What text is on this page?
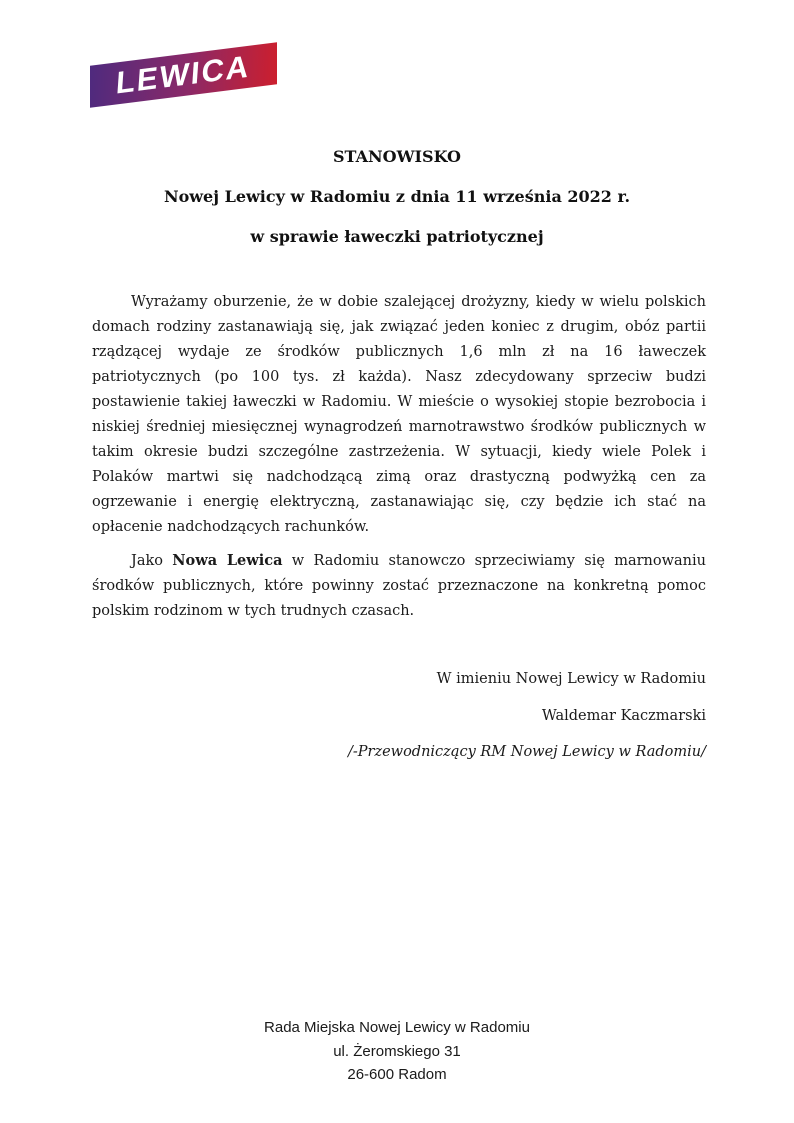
LEWICA

STANOWISKO

Nowej Lewicy w Radomiu z dnia 11 września 2022 r.

w sprawie ławeczki patriotycznej

Wyrażamy oburzenie, że w dobie szalejącej drożyzny, kiedy w wielu polskich domach rodziny zastanawiają się, jak związać jeden koniec z drugim, obóz partii rządzącej wydaje ze środków publicznych 1,6 mln zł na 16 ławeczek patriotycznych (po 100 tys. zł każda). Nasz zdecydowany sprzeciw budzi postawienie takiej ławeczki w Radomiu. W mieście o wysokiej stopie bezrobocia i niskiej średniej miesięcznej wynagrodzeń marnotrawstwo środków publicznych w takim okresie budzi szczególne zastrzeżenia. W sytuacji, kiedy wiele Polek i Polaków martwi się nadchodzącą zimą oraz drastyczną podwyżką cen za ogrzewanie i energię elektryczną, zastanawiając się, czy będzie ich stać na opłacenie nadchodzących rachunków.

Jako Nowa Lewica w Radomiu stanowczo sprzeciwiamy się marnowaniu środków publicznych, które powinny zostać przeznaczone na konkretną pomoc polskim rodzinom w tych trudnych czasach.

W imieniu Nowej Lewicy w Radomiu

Waldemar Kaczmarski

/-Przewodniczący RM Nowej Lewicy w Radomiu/

Rada Miejska Nowej Lewicy w Radomiu

ul. Żeromskiego 31

26-600 Radom
